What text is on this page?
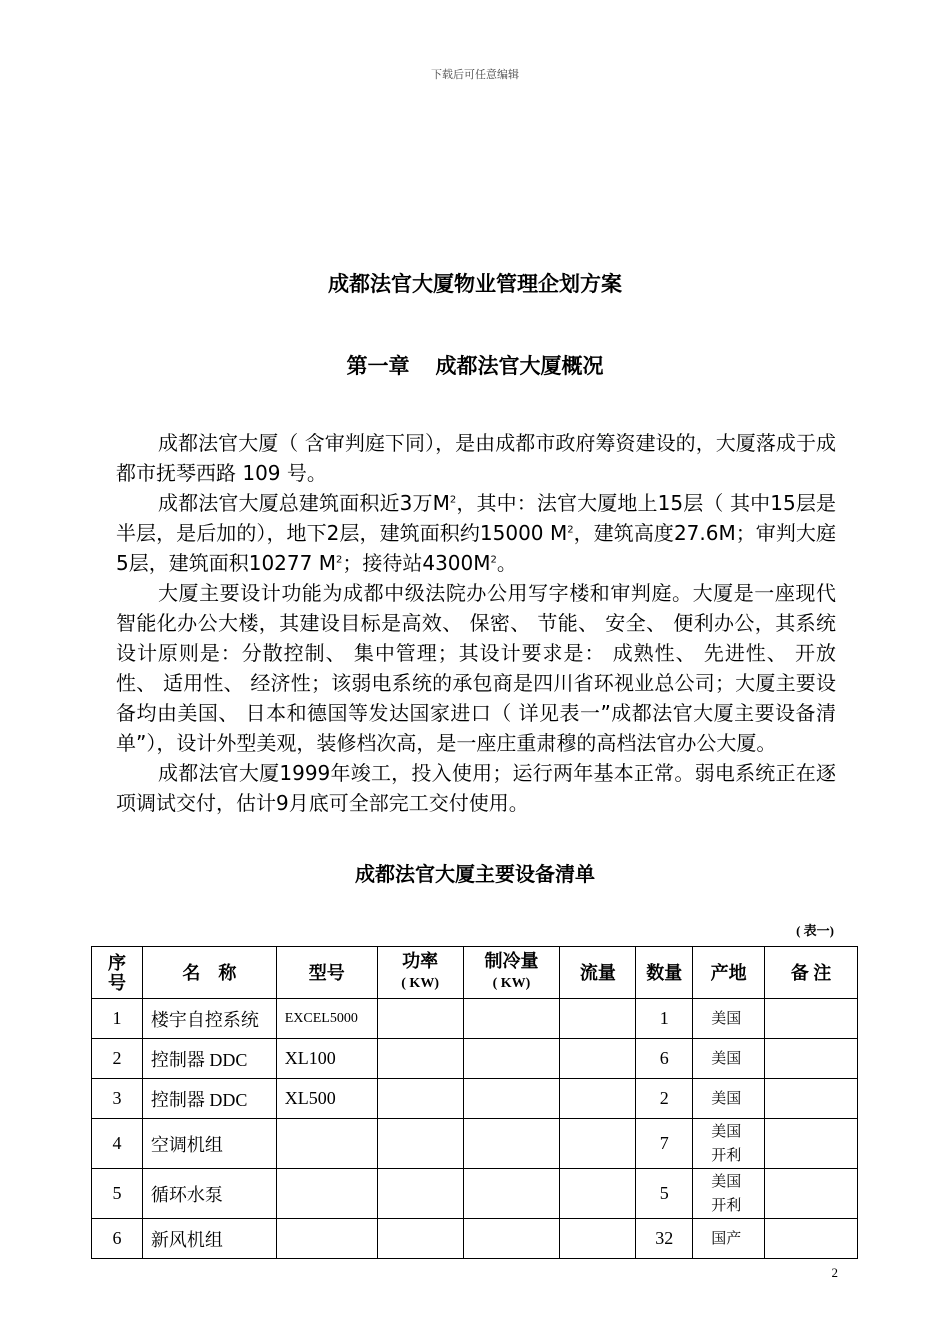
下载后可任意编辑
成都法官大厦物业管理企划方案
第一章 成都法官大厦概况

成都法官大厦（ 含审判庭下同），是由成都市政府筹资建设的，大厦落成于成都市抚琴西路 109 号。

成都法官大厦总建筑面积近3万$M^2$，其中：法官大厦地上15层（ 其中15层是半层，是后加的），地下2层，建筑面积约15000 $M^2$，建筑高度27.6M；审判大庭5层，建筑面积10277 $M^2$；接待站$4300M^2$。

大厦主要设计功能为成都中级法院办公用写字楼和审判庭。大厦是一座现代智能化办公大楼，其建设目标是高效、 保密、 节能、 安全、 便利办公，其系统设计原则是：分散控制、 集中管理；其设计要求是： 成熟性、 先进性、 开放性、 适用性、 经济性；该弱电系统的承包商是四川省环视业总公司；大厦主要设备均由美国、 日本和德国等发达国家进口（ 详见表一”成都法官大厦主要设备清单”），设计外型美观，装修档次高，是一座庄重肃穆的高档法官办公大厦。

成都法官大厦1999年竣工，投入使用；运行两年基本正常。弱电系统正在逐项调试交付，估计9月底可全部完工交付使用。

成都法官大厦主要设备清单
( 表一)
序
号	名　称	型号	功率
( KW)	制冷量
( KW)	流量	数量	产地	备 注
1	楼宇自控系统	EXCEL5000				1	美国	
2	控制器 DDC	XL100				6	美国	
3	控制器 DDC	XL500				2	美国	
4	空调机组					7	美国
开利	
5	循环水泵					5	美国
开利	
6	新风机组					32	国产	
2
